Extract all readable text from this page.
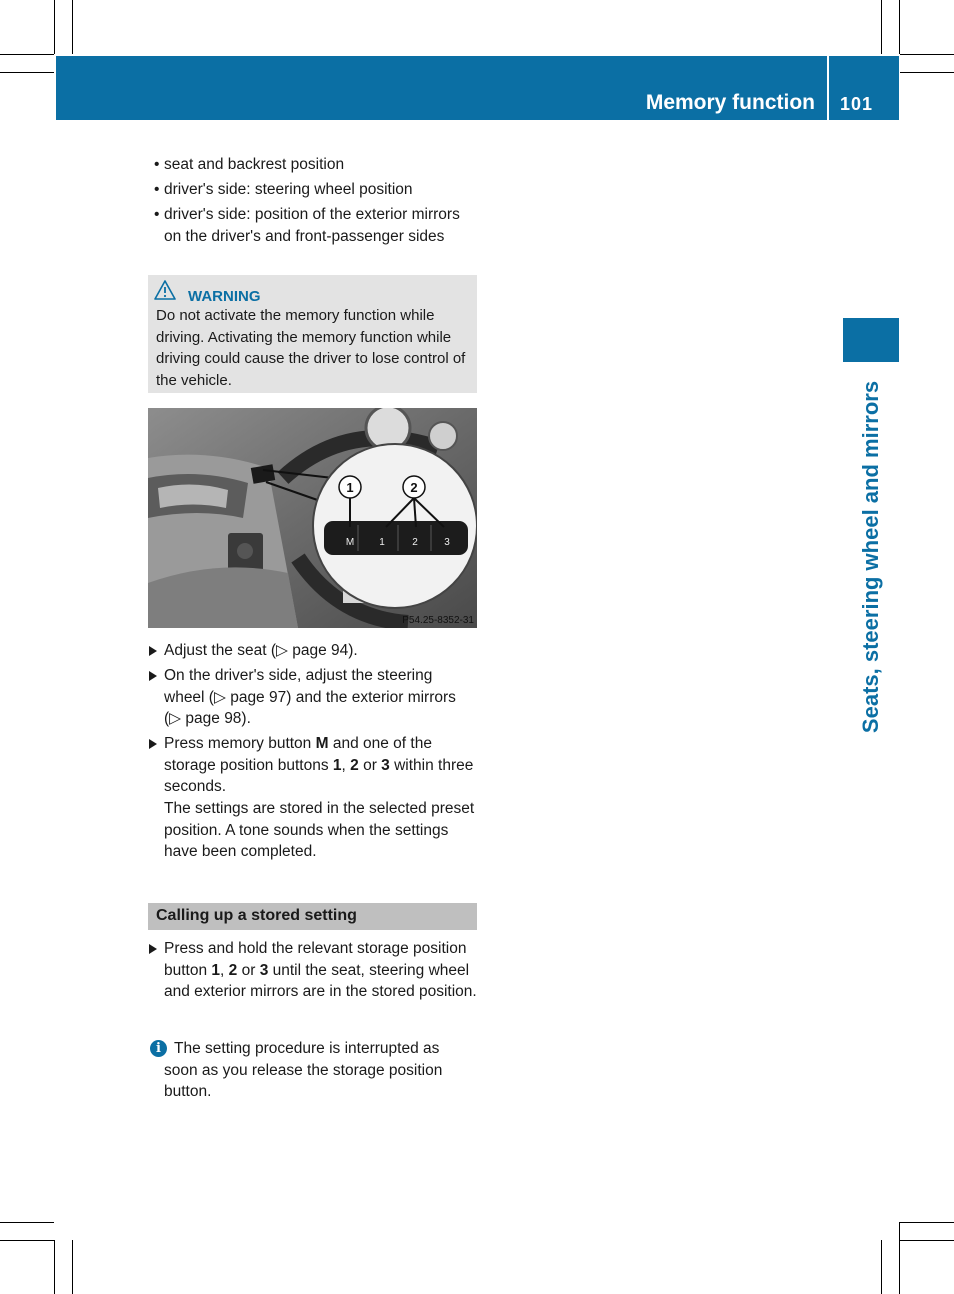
Memory function 101
Seats, steering wheel and mirrors

• seat and backrest position

• driver's side: steering wheel position

• driver's side: position of the exterior mirrors on the driver's and front-passenger sides

WARNING
Do not activate the memory function while driving. Activating the memory function while driving could cause the driver to lose control of the vehicle.
M	1	2	3
1	2
P54.25-8352-31

Adjust the seat (▷ page 94).

On the driver's side, adjust the steering wheel (▷ page 97) and the exterior mirrors (▷ page 98).

Press memory button M and one of the storage position buttons 1, 2 or 3 within three seconds.
The settings are stored in the selected preset position. A tone sounds when the settings have been completed.

Calling up a stored setting

Press and hold the relevant storage position button 1, 2 or 3 until the seat, steering wheel and exterior mirrors are in the stored position.

i The setting procedure is interrupted as soon as you release the storage position button.
